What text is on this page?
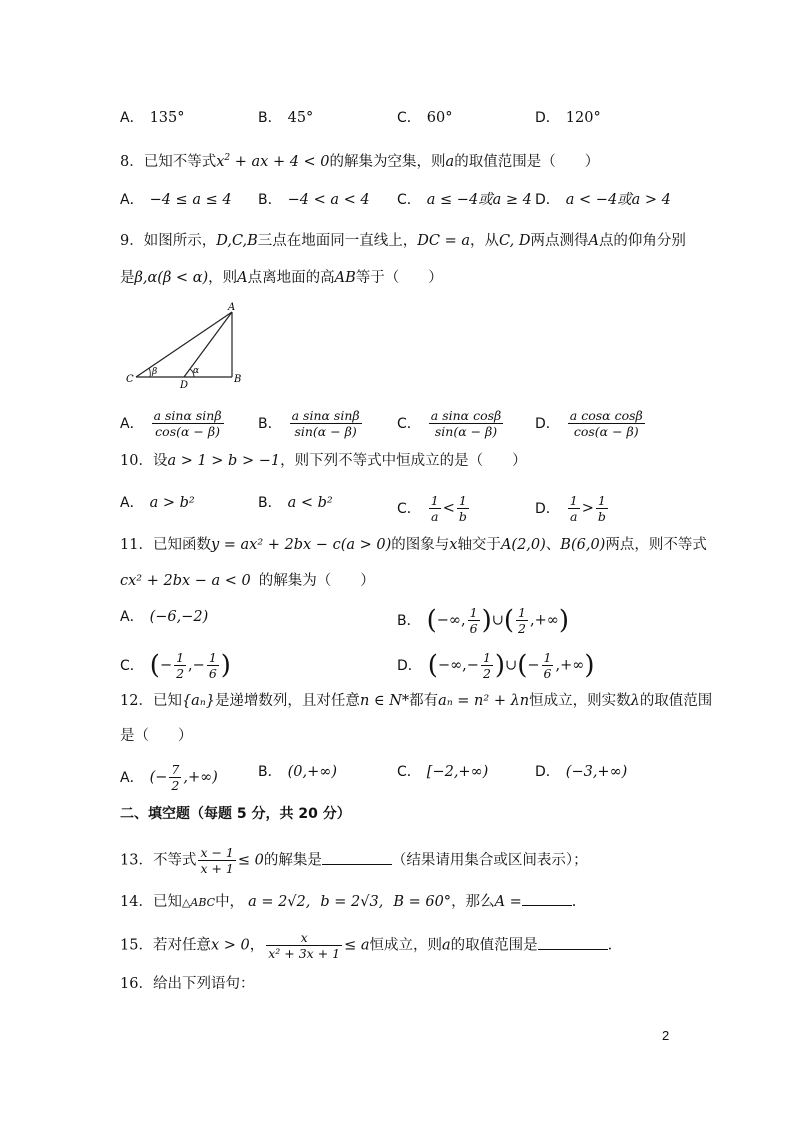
A． 135°	B． 45°	C． 60°	D． 120°
8．已知不等式$x^2$ + ax + 4 < 0的解集为空集，则a的取值范围是（　　）
A． −4 ≤ a ≤ 4 B． −4 < a < 4 C． a ≤ −4或a ≥ 4 D． a < −4或a > 4
9．如图所示，D,C,B三点在地面同一直线上，DC = a，从C, D两点测得A点的仰角分别
是β,α(β < α)，则A点离地面的高AB等于（　　）
A
B
C
D
β	α
A． $\frac{\text{a sinα sinβ}}{\cos(\alpha - \beta)}$ B． $\frac{\text{a sinα sinβ}}{\sin(\alpha - \beta)}$	C． $\frac{\text{a sinα cosβ}}{\sin(\alpha - \beta)}$ D． $\frac{\text{a cosα cosβ}}{\cos(\alpha - \beta)}$
10．设a > 1 > b > −1，则下列不等式中恒成立的是（　　）
A． a > b²	B． a < b²	C． $\frac{1}{a} < \frac{1}{b}$	D． $\frac{1}{a} > \frac{1}{b}$
11．已知函数y = ax² + 2bx − c(a > 0)的图象与x轴交于A(2,0)、B(6,0)两点，则不等式
cx² + 2bx − a < 0 的解集为（　　）
A． (−6,−2)	B． (−∞, $\frac{1}{6}$ )∪( $\frac{1}{2}$ ,+∞)
C． (− $\frac{1}{2}$ ,− $\frac{1}{6}$ )	D． (−∞,− $\frac{1}{2}$ )∪(− $\frac{1}{6}$ ,+∞)
12．已知{aₙ}是递增数列，且对任意n ∈ N*都有aₙ = n² + λn恒成立，则实数λ的取值范围
是（　　）
A． (− $\frac{7}{2}$ ,+∞)	B． (0,+∞)	C． [−2,+∞)	D． (−3,+∞)
二、填空题（每题 5 分，共 20 分）
13．不等式 $\frac{x - 1}{x + 1} \le 0$的解集是	（结果请用集合或区间表示）；
14．已知△ABC中， a = 2√2, b = 2√3, B = 60°，那么A =	.
15．若对任意x > 0， $\frac{x}{\text{x² + 3x + 1}} \le a$恒成立，则a的取值范围是	.
16．给出下列语句：
2
